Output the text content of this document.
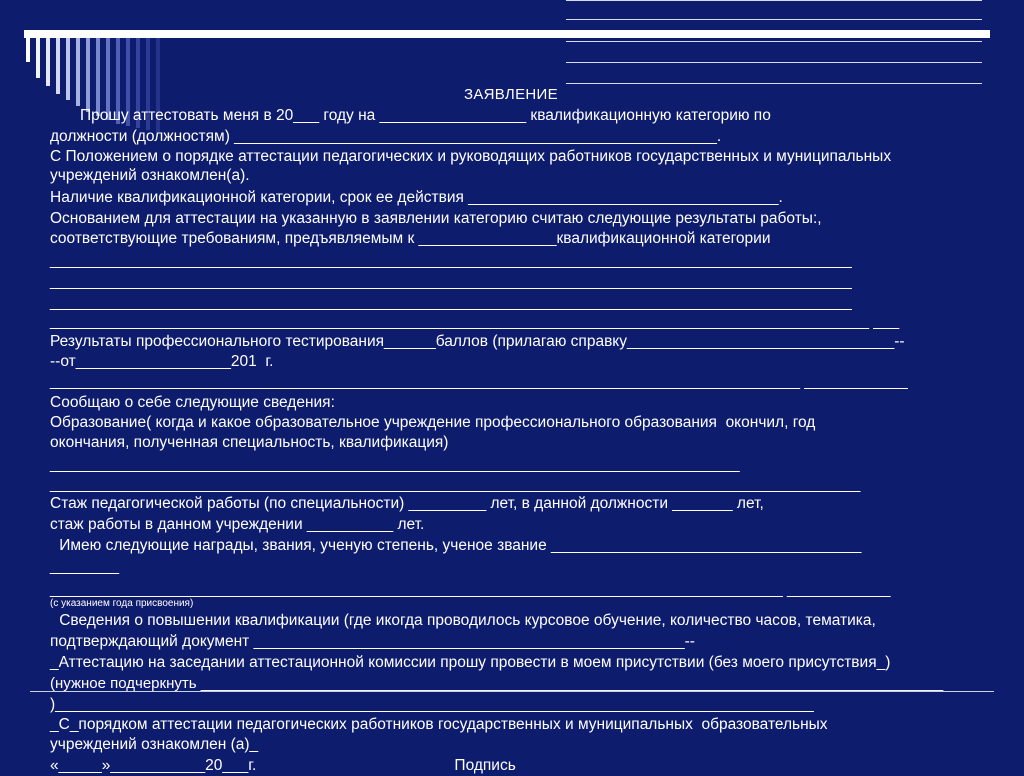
ЗАЯВЛЕНИЕ
Прошу аттестовать меня в 20___ году на _________________ квалификационную категорию по
должности (должностям) ________________________________________________________.
С Положением о порядке аттестации педагогических и руководящих работников государственных и муниципальных
учреждений ознакомлен(а).
Наличие квалификационной категории, срок ее действия ____________________________________.
Основанием для аттестации на указанную в заявлении категорию считаю следующие результаты работы:,
соответствующие требованиям, предъявляемым к ________________квалификационной категории
_____________________________________________________________________________________________
_____________________________________________________________________________________________
_____________________________________________________________________________________________
_______________________________________________________________________________________________ ___
Результаты профессионального тестирования______баллов (прилагаю справку_______________________________--
--от__________________201  г.
_______________________________________________________________________________________ ____________
Сообщаю о себе следующие сведения:
Образование( когда и какое образовательное учреждение профессионального образования  окончил, год
окончания, полученная специальность, квалификация)
________________________________________________________________________________
______________________________________________________________________________________________
Стаж педагогической работы (по специальности) _________ лет, в данной должности _______ лет,
стаж работы в данном учреждении __________ лет.
Имею следующие награды, звания, ученую степень, ученое звание ____________________________________
________
_____________________________________________________________________________________ ____________
(с указанием года присвоения)
Сведения о повышении квалификации (где икогда проводилось курсовое обучение, количество часов, тематика,
подтверждающий документ __________________________________________________--
_Аттестацию на заседании аттестационной комиссии прошу провести в моем присутствии (без моего присутствия_)
(нужное подчеркнуть _________________________________________________________________________________________
)________________________________________________________________________________________
_С_порядком аттестации педагогических работников государственных и муниципальных  образовательных
учреждений ознакомлен (а)_
«_____»___________20___г.                                              Подпись
